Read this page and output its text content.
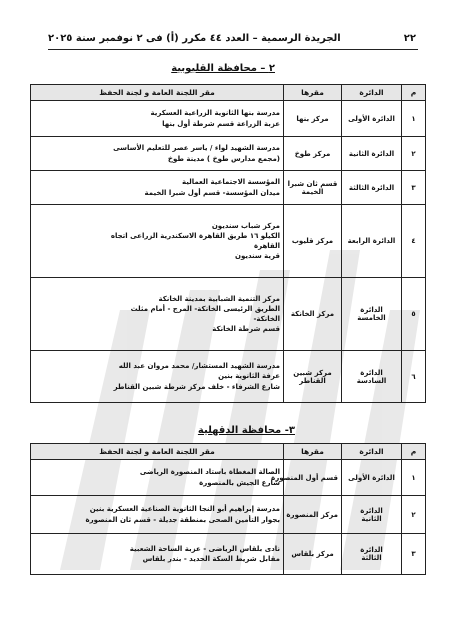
٢٢
الجريدة الرسمية – العدد ٤٤ مكرر (أ) فى ٢ نوفمبر سنة ٢٠٢٥
٢ – محافظة القليوبية
م	الدائرة	مقرها	مقر اللجنة العامة و لجنة الحفظ
١	الدائرة الأولى	مركز بنها	مدرسة بنها الثانوية الزراعية العسكرية
عزبة الزراعة قسم شرطة أول بنها

٢	الدائرة الثانية	مركز طوخ	مدرسة الشهيد لواء / ياسر عصر للتعليم الأساسى
(مجمع مدارس طوخ ) مدينة طوخ

٣	الدائرة الثالثة	قسم ثان شبرا
الخيمة	المؤسسة الاجتماعية العمالية
ميدان المؤسسة- قسم أول شبرا الخيمة

٤	الدائرة الرابعة	مركز قليوب	مركز شباب سنديون
الكيلو ١٦ طريق القاهرة الاسكندرية الزراعى اتجاه
القاهرة
قرية سنديون

٥	الدائرة
الخامسة	مركز الخانكة	مركز التنمية الشبابية بمدينة الخانكة
الطريق الرئيسى الخانكة- المرج - أمام مثلث
الخانكة-
قسم شرطة الخانكة

٦	الدائرة
السادسة	مركز شبين
القناطر	مدرسة الشهيد المستشار/ محمد مروان عبد الله
عرفة الثانوية بنين
شارع الشرفاء - خلف مركز شرطة شبين القناطر
٣- محافظة الدقهلية
م	الدائرة	مقرها	مقر اللجنة العامة و لجنة الحفظ
١	الدائرة الأولى	قسم أول المنصورة	الصالة المغطاة باستاد المنصورة الرياضى
شارع الجيش بالمنصورة

٢	الدائرة
الثانية	مركز المنصورة	مدرسة إبراهيم أبو النجا الثانوية الصناعية العسكرية بنين
بجوار التأمين الصحى بمنطقة جديلة - قسم ثان المنصورة

٣	الدائرة
الثالثة	مركز بلقاس	نادى بلقاس الرياضى - عزبة الساحة الشعبية
مقابل شريط السكة الحديد - بندر بلقاس
